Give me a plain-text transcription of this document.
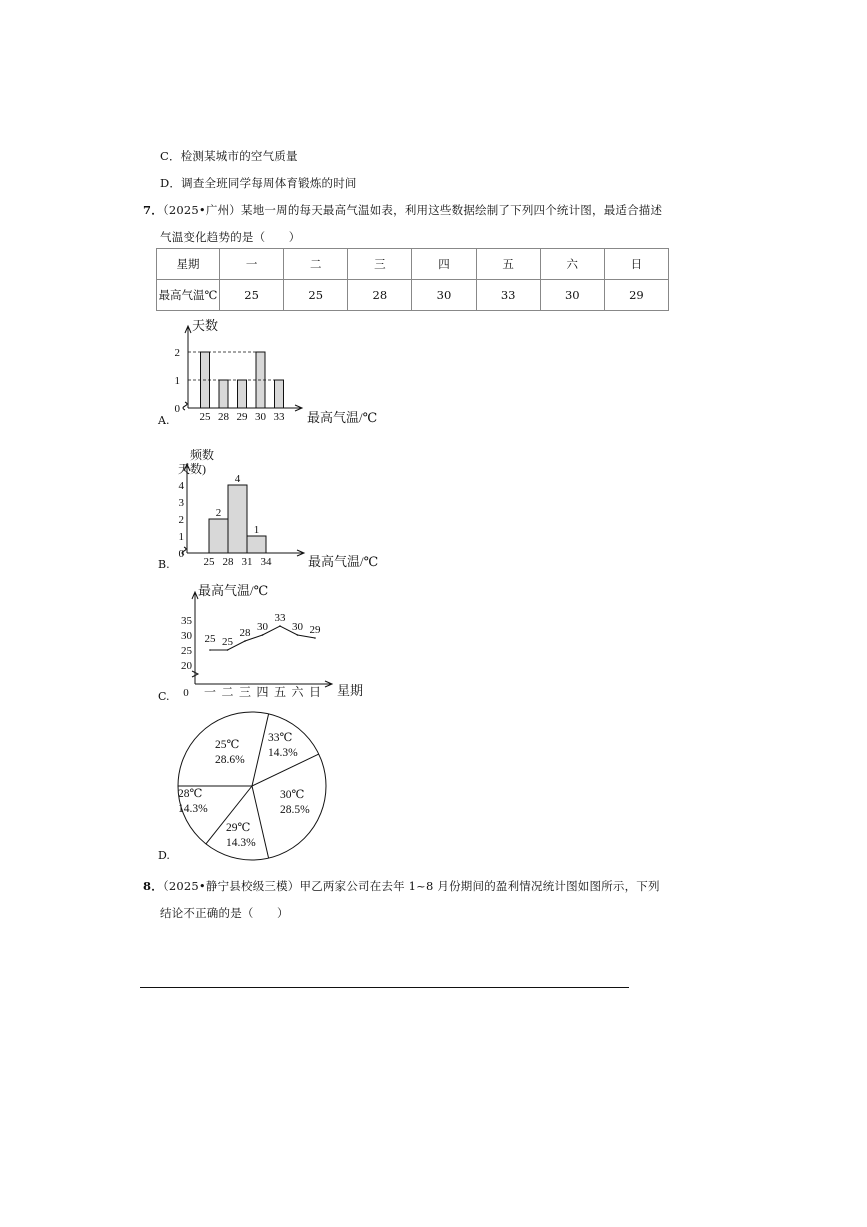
C．检测某城市的空气质量
D．调查全班同学每周体育锻炼的时间
7．（2025•广州）某地一周的每天最高气温如表，利用这些数据绘制了下列四个统计图，最适合描述
气温变化趋势的是（　　）
星期	一	二	三	四	五	六	日
最高气温℃	25	25	28	30	33	30	29
A.
B.
C.
D.
天数
最高气温/℃
0
1
2
25 28 29 30 33
频数
天数)
最高气温/℃
0
1
2
3
4
2
4
1
25 28 31 34
最高气温/℃
星期
0
20
25
30
35
25
一
25
二
28
三
30
四
33
五
30
六
29
日
25℃
28.6%
33℃
14.3%
30℃
28.5%
29℃
14.3%
28℃
14.3%
8．（2025•静宁县校级三模）甲乙两家公司在去年 1~8 月份期间的盈利情况统计图如图所示，下列
结论不正确的是（　　）
